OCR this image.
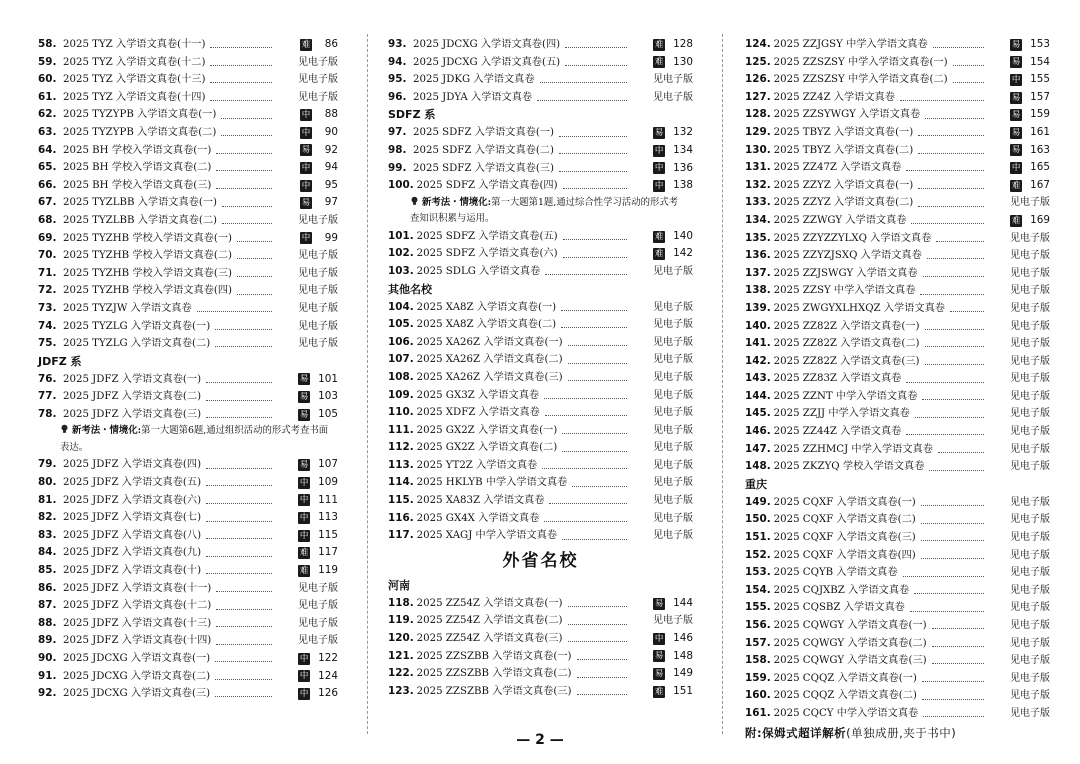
58. 2025 TYZ 入学语文真卷(十一)	难	86
59. 2025 TYZ 入学语文真卷(十二)	见电子版
60. 2025 TYZ 入学语文真卷(十三)	见电子版
61. 2025 TYZ 入学语文真卷(十四)	见电子版
62. 2025 TYZYPB 入学语文真卷(一)	中	88
63. 2025 TYZYPB 入学语文真卷(二)	中	90
64. 2025 BH 学校入学语文真卷(一)	易	92
65. 2025 BH 学校入学语文真卷(二)	中	94
66. 2025 BH 学校入学语文真卷(三)	中	95
67. 2025 TYZLBB 入学语文真卷(一)	易	97
68. 2025 TYZLBB 入学语文真卷(二)	见电子版
69. 2025 TYZHB 学校入学语文真卷(一)	中	99
70. 2025 TYZHB 学校入学语文真卷(二)	见电子版
71. 2025 TYZHB 学校入学语文真卷(三)	见电子版
72. 2025 TYZHB 学校入学语文真卷(四)	见电子版
73. 2025 TYZJW 入学语文真卷	见电子版
74. 2025 TYZLG 入学语文真卷(一)	见电子版
75. 2025 TYZLG 入学语文真卷(二)	见电子版
JDFZ 系
76. 2025 JDFZ 入学语文真卷(一)	易 101
77. 2025 JDFZ 入学语文真卷(二)	易 103
78. 2025 JDFZ 入学语文真卷(三)	易 105
新考法・情境化:第一大题第6题,通过组织活动的形式考查书面表达。
79. 2025 JDFZ 入学语文真卷(四)	易 107
80. 2025 JDFZ 入学语文真卷(五)	中 109
81. 2025 JDFZ 入学语文真卷(六)	中 111
82. 2025 JDFZ 入学语文真卷(七)	中 113
83. 2025 JDFZ 入学语文真卷(八)	中 115
84. 2025 JDFZ 入学语文真卷(九)	难 117
85. 2025 JDFZ 入学语文真卷(十)	难 119
86. 2025 JDFZ 入学语文真卷(十一)	见电子版
87. 2025 JDFZ 入学语文真卷(十二)	见电子版
88. 2025 JDFZ 入学语文真卷(十三)	见电子版
89. 2025 JDFZ 入学语文真卷(十四)	见电子版
90. 2025 JDCXG 入学语文真卷(一)	中 122
91. 2025 JDCXG 入学语文真卷(二)	中 124
92. 2025 JDCXG 入学语文真卷(三)	中 126
93. 2025 JDCXG 入学语文真卷(四)	难 128
94. 2025 JDCXG 入学语文真卷(五)	难 130
95. 2025 JDKG 入学语文真卷	见电子版
96. 2025 JDYA 入学语文真卷	见电子版
SDFZ 系
97. 2025 SDFZ 入学语文真卷(一)	易 132
98. 2025 SDFZ 入学语文真卷(二)	中 134
99. 2025 SDFZ 入学语文真卷(三)	中 136
100. 2025 SDFZ 入学语文真卷(四)	中 138
新考法・情境化:第一大题第1题,通过综合性学习活动的形式考查知识积累与运用。
101. 2025 SDFZ 入学语文真卷(五)	难 140
102. 2025 SDFZ 入学语文真卷(六)	难 142
103. 2025 SDLG 入学语文真卷	见电子版
其他名校
104. 2025 XA8Z 入学语文真卷(一)	见电子版
105. 2025 XA8Z 入学语文真卷(二)	见电子版
106. 2025 XA26Z 入学语文真卷(一)	见电子版
107. 2025 XA26Z 入学语文真卷(二)	见电子版
108. 2025 XA26Z 入学语文真卷(三)	见电子版
109. 2025 GX3Z 入学语文真卷	见电子版
110. 2025 XDFZ 入学语文真卷	见电子版
111. 2025 GX2Z 入学语文真卷(一)	见电子版
112. 2025 GX2Z 入学语文真卷(二)	见电子版
113. 2025 YT2Z 入学语文真卷	见电子版
114. 2025 HKLYB 中学入学语文真卷	见电子版
115. 2025 XA83Z 入学语文真卷	见电子版
116. 2025 GX4X 入学语文真卷	见电子版
117. 2025 XAGJ 中学入学语文真卷	见电子版
外省名校
河南
118. 2025 ZZ54Z 入学语文真卷(一)	易 144
119. 2025 ZZ54Z 入学语文真卷(二)	见电子版
120. 2025 ZZ54Z 入学语文真卷(三)	中 146
121. 2025 ZZSZBB 入学语文真卷(一)	易 148
122. 2025 ZZSZBB 入学语文真卷(二)	易 149
123. 2025 ZZSZBB 入学语文真卷(三)	难 151
124. 2025 ZZJGSY 中学入学语文真卷	易 153
125. 2025 ZZSZSY 中学入学语文真卷(一)	易 154
126. 2025 ZZSZSY 中学入学语文真卷(二)	中 155
127. 2025 ZZ4Z 入学语文真卷	易 157
128. 2025 ZZSYWGY 入学语文真卷	易 159
129. 2025 TBYZ 入学语文真卷(一)	易 161
130. 2025 TBYZ 入学语文真卷(二)	易 163
131. 2025 ZZ47Z 入学语文真卷	中 165
132. 2025 ZZYZ 入学语文真卷(一)	难 167
133. 2025 ZZYZ 入学语文真卷(二)	见电子版
134. 2025 ZZWGY 入学语文真卷	难 169
135. 2025 ZZYZZYLXQ 入学语文真卷	见电子版
136. 2025 ZZYZJSXQ 入学语文真卷	见电子版
137. 2025 ZZJSWGY 入学语文真卷	见电子版
138. 2025 ZZSY 中学入学语文真卷	见电子版
139. 2025 ZWGYXLHXQZ 入学语文真卷	见电子版
140. 2025 ZZ82Z 入学语文真卷(一)	见电子版
141. 2025 ZZ82Z 入学语文真卷(二)	见电子版
142. 2025 ZZ82Z 入学语文真卷(三)	见电子版
143. 2025 ZZ83Z 入学语文真卷	见电子版
144. 2025 ZZNT 中学入学语文真卷	见电子版
145. 2025 ZZJJ 中学入学语文真卷	见电子版
146. 2025 ZZ44Z 入学语文真卷	见电子版
147. 2025 ZZHMCJ 中学入学语文真卷	见电子版
148. 2025 ZKZYQ 学校入学语文真卷	见电子版
重庆
149. 2025 CQXF 入学语文真卷(一)	见电子版
150. 2025 CQXF 入学语文真卷(二)	见电子版
151. 2025 CQXF 入学语文真卷(三)	见电子版
152. 2025 CQXF 入学语文真卷(四)	见电子版
153. 2025 CQYB 入学语文真卷	见电子版
154. 2025 CQJXBZ 入学语文真卷	见电子版
155. 2025 CQSBZ 入学语文真卷	见电子版
156. 2025 CQWGY 入学语文真卷(一)	见电子版
157. 2025 CQWGY 入学语文真卷(二)	见电子版
158. 2025 CQWGY 入学语文真卷(三)	见电子版
159. 2025 CQQZ 入学语文真卷(一)	见电子版
160. 2025 CQQZ 入学语文真卷(二)	见电子版
161. 2025 CQCY 中学入学语文真卷	见电子版
附:保姆式超详解析(单独成册,夹于书中)
— 2 —
